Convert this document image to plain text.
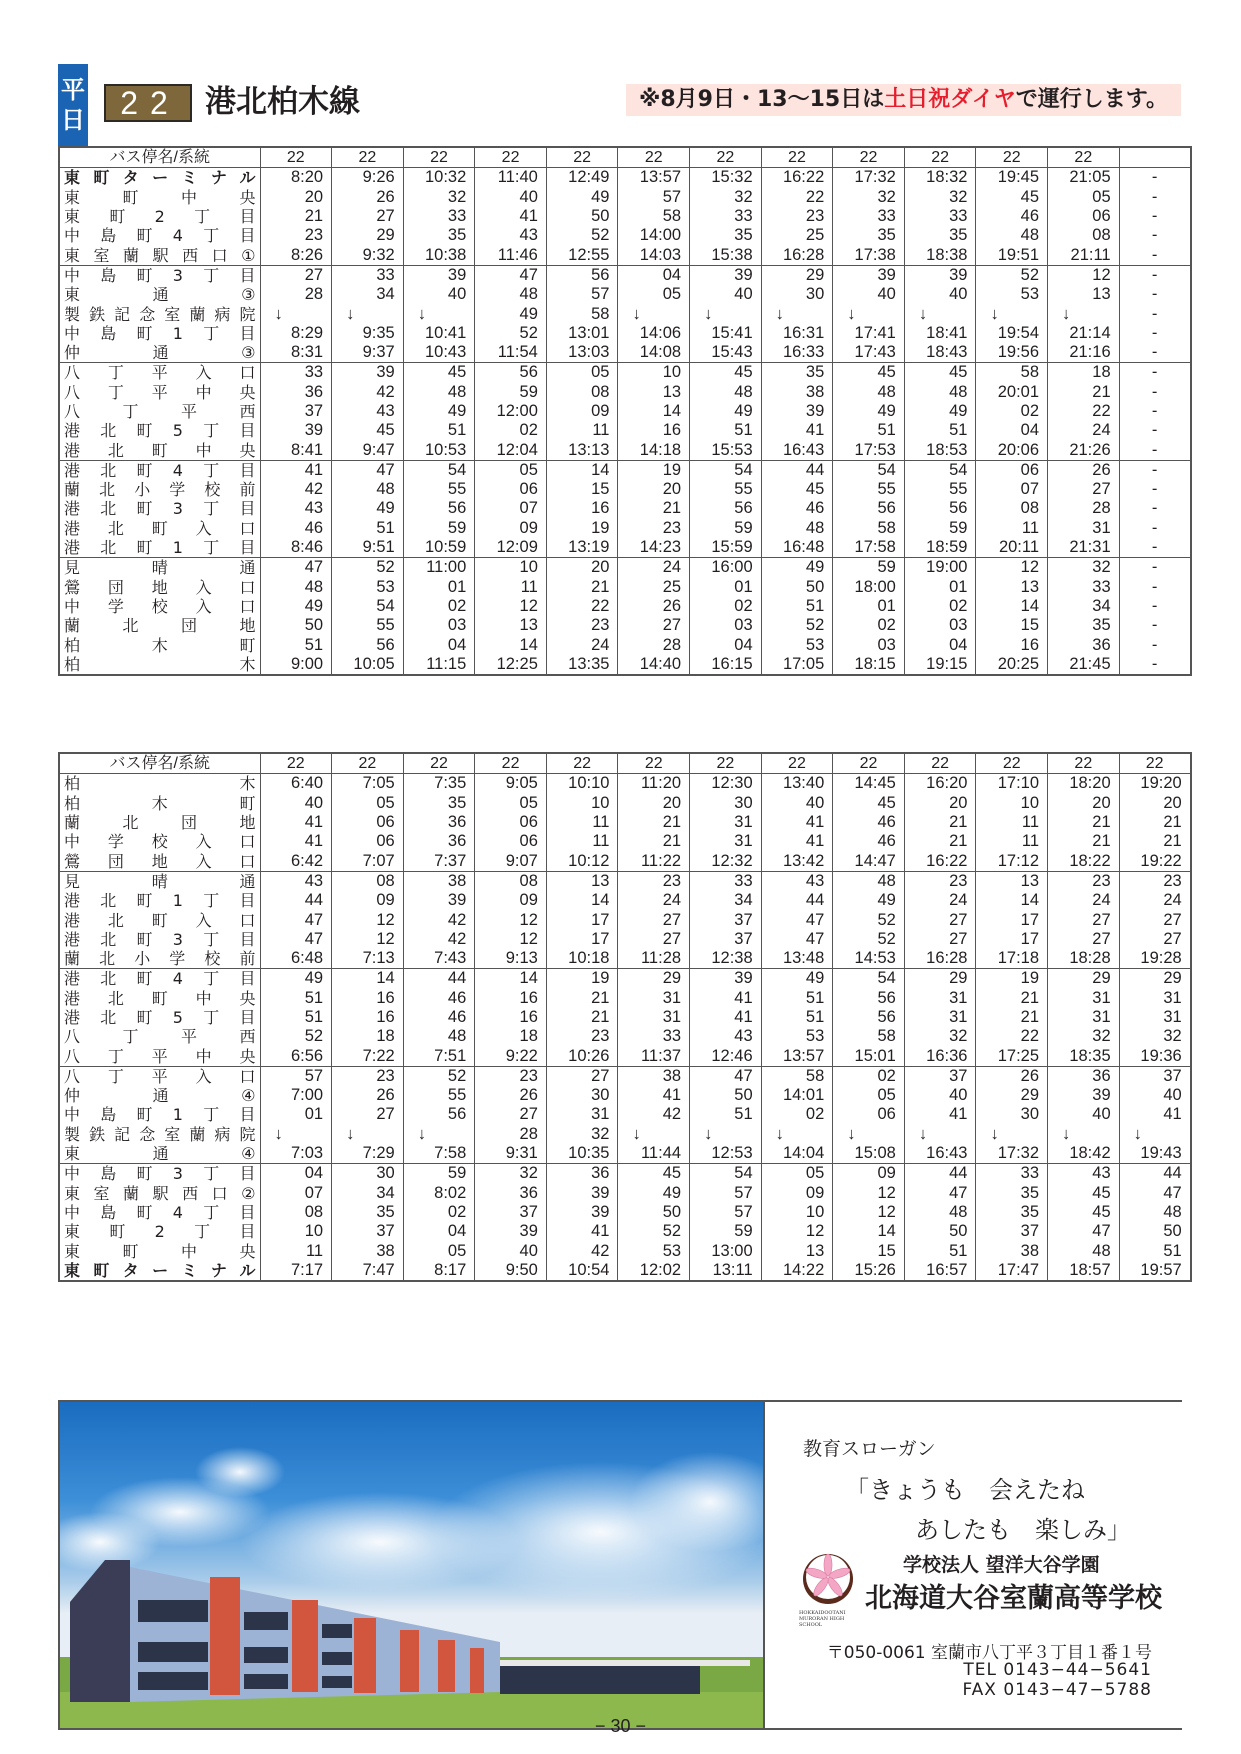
平
日	22 港北柏木線	※8月9日・13〜15日は土日祝ダイヤで運行します。
バス停名/系統	22	22	22	22	22	22	22	22	22	22	22	22	
東町ターミナル	8:20	9:26	10:32	11:40	12:49	13:57	15:32	16:22	17:32	18:32	19:45	21:05	-
東町中央	20	26	32	40	49	57	32	22	32	32	45	05	-
東町2丁目	21	27	33	41	50	58	33	23	33	33	46	06	-
中島町4丁目	23	29	35	43	52	14:00	35	25	35	35	48	08	-
東室蘭駅西口①	8:26	9:32	10:38	11:46	12:55	14:03	15:38	16:28	17:38	18:38	19:51	21:11	-
中島町3丁目	27	33	39	47	56	04	39	29	39	39	52	12	-
東通③	28	34	40	48	57	05	40	30	40	40	53	13	-
製鉄記念室蘭病院	↓	↓	↓	49	58	↓	↓	↓	↓	↓	↓	↓	-
中島町1丁目	8:29	9:35	10:41	52	13:01	14:06	15:41	16:31	17:41	18:41	19:54	21:14	-
仲通③	8:31	9:37	10:43	11:54	13:03	14:08	15:43	16:33	17:43	18:43	19:56	21:16	-
八丁平入口	33	39	45	56	05	10	45	35	45	45	58	18	-
八丁平中央	36	42	48	59	08	13	48	38	48	48	20:01	21	-
八丁平西	37	43	49	12:00	09	14	49	39	49	49	02	22	-
港北町5丁目	39	45	51	02	11	16	51	41	51	51	04	24	-
港北町中央	8:41	9:47	10:53	12:04	13:13	14:18	15:53	16:43	17:53	18:53	20:06	21:26	-
港北町4丁目	41	47	54	05	14	19	54	44	54	54	06	26	-
蘭北小学校前	42	48	55	06	15	20	55	45	55	55	07	27	-
港北町3丁目	43	49	56	07	16	21	56	46	56	56	08	28	-
港北町入口	46	51	59	09	19	23	59	48	58	59	11	31	-
港北町1丁目	8:46	9:51	10:59	12:09	13:19	14:23	15:59	16:48	17:58	18:59	20:11	21:31	-
見晴通	47	52	11:00	10	20	24	16:00	49	59	19:00	12	32	-
鶯団地入口	48	53	01	11	21	25	01	50	18:00	01	13	33	-
中学校入口	49	54	02	12	22	26	02	51	01	02	14	34	-
蘭北団地	50	55	03	13	23	27	03	52	02	03	15	35	-
柏木町	51	56	04	14	24	28	04	53	03	04	16	36	-
柏木	9:00	10:05	11:15	12:25	13:35	14:40	16:15	17:05	18:15	19:15	20:25	21:45	-
バス停名/系統	22	22	22	22	22	22	22	22	22	22	22	22	22
柏木	6:40	7:05	7:35	9:05	10:10	11:20	12:30	13:40	14:45	16:20	17:10	18:20	19:20
柏木町	40	05	35	05	10	20	30	40	45	20	10	20	20
蘭北団地	41	06	36	06	11	21	31	41	46	21	11	21	21
中学校入口	41	06	36	06	11	21	31	41	46	21	11	21	21
鶯団地入口	6:42	7:07	7:37	9:07	10:12	11:22	12:32	13:42	14:47	16:22	17:12	18:22	19:22
見晴通	43	08	38	08	13	23	33	43	48	23	13	23	23
港北町1丁目	44	09	39	09	14	24	34	44	49	24	14	24	24
港北町入口	47	12	42	12	17	27	37	47	52	27	17	27	27
港北町3丁目	47	12	42	12	17	27	37	47	52	27	17	27	27
蘭北小学校前	6:48	7:13	7:43	9:13	10:18	11:28	12:38	13:48	14:53	16:28	17:18	18:28	19:28
港北町4丁目	49	14	44	14	19	29	39	49	54	29	19	29	29
港北町中央	51	16	46	16	21	31	41	51	56	31	21	31	31
港北町5丁目	51	16	46	16	21	31	41	51	56	31	21	31	31
八丁平西	52	18	48	18	23	33	43	53	58	32	22	32	32
八丁平中央	6:56	7:22	7:51	9:22	10:26	11:37	12:46	13:57	15:01	16:36	17:25	18:35	19:36
八丁平入口	57	23	52	23	27	38	47	58	02	37	26	36	37
仲通④	7:00	26	55	26	30	41	50	14:01	05	40	29	39	40
中島町1丁目	01	27	56	27	31	42	51	02	06	41	30	40	41
製鉄記念室蘭病院	↓	↓	↓	28	32	↓	↓	↓	↓	↓	↓	↓	↓
東通④	7:03	7:29	7:58	9:31	10:35	11:44	12:53	14:04	15:08	16:43	17:32	18:42	19:43
中島町3丁目	04	30	59	32	36	45	54	05	09	44	33	43	44
東室蘭駅西口②	07	34	8:02	36	39	49	57	09	12	47	35	45	47
中島町4丁目	08	35	02	37	39	50	57	10	12	48	35	45	48
東町2丁目	10	37	04	39	41	52	59	12	14	50	37	47	50
東町中央	11	38	05	40	42	53	13:00	13	15	51	38	48	51
東町ターミナル	7:17	7:47	8:17	9:50	10:54	12:02	13:11	14:22	15:26	16:57	17:47	18:57	19:57
教育スローガン
「きょうも　会えたね
あしたも　楽しみ」
HOKKAIDOOTANI MURORAN HIGH SCHOOL
学校法人 望洋大谷学園
北海道大谷室蘭高等学校
〒050-0061 室蘭市八丁平３丁目１番１号
TEL 0143−44−5641
FAX 0143−47−5788
− 30 −
